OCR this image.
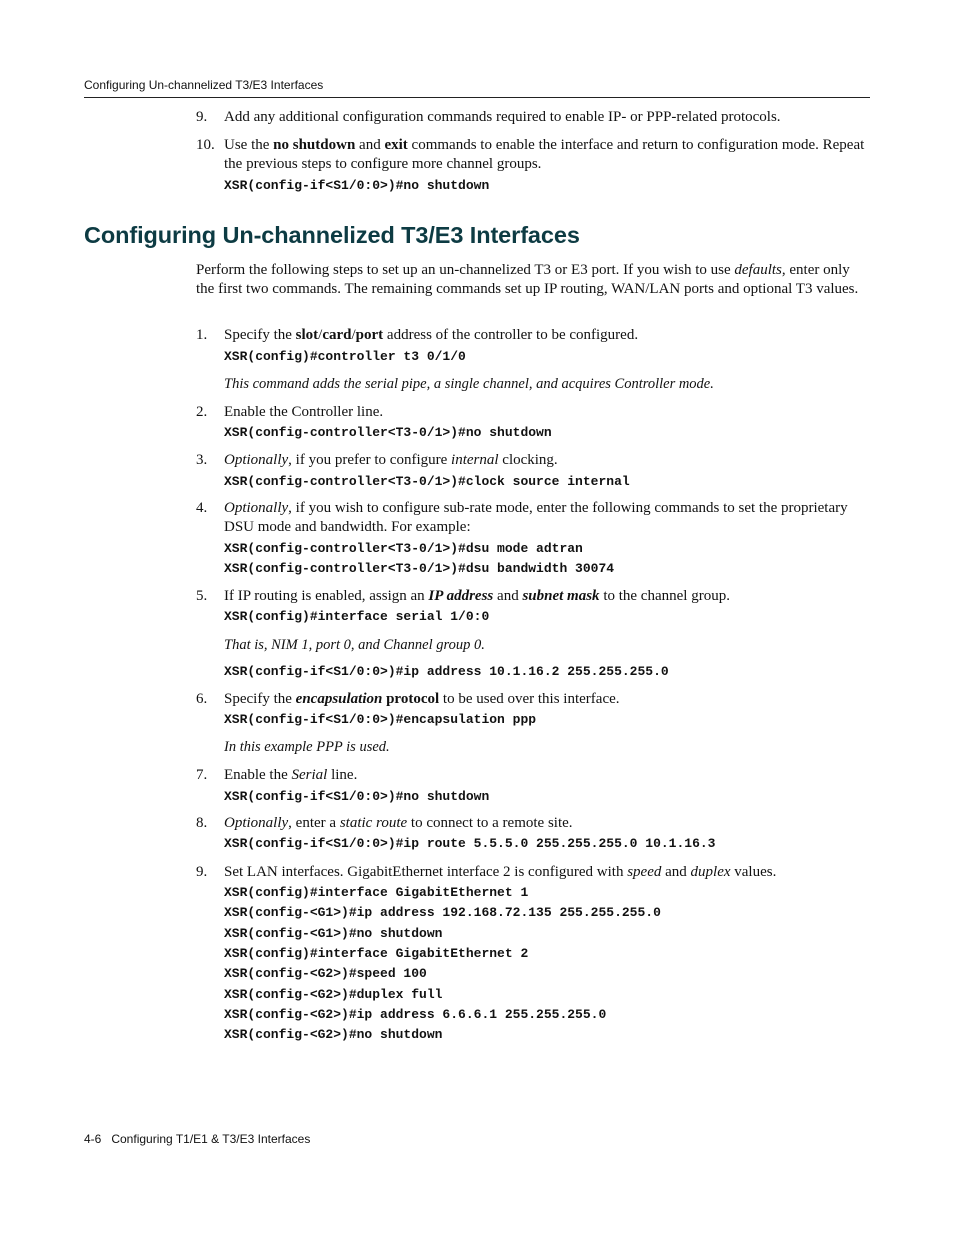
Configuring Un-channelized T3/E3 Interfaces
9. Add any additional configuration commands required to enable IP- or PPP-related protocols.
10. Use the no shutdown and exit commands to enable the interface and return to configuration mode. Repeat the previous steps to configure more channel groups.
XSR(config-if<S1/0:0>)#no shutdown
Configuring Un-channelized T3/E3 Interfaces
Perform the following steps to set up an un-channelized T3 or E3 port. If you wish to use defaults, enter only the first two commands. The remaining commands set up IP routing, WAN/LAN ports and optional T3 values.
1. Specify the slot/card/port address of the controller to be configured.
XSR(config)#controller t3 0/1/0
This command adds the serial pipe, a single channel, and acquires Controller mode.
2. Enable the Controller line.
XSR(config-controller<T3-0/1>)#no shutdown
3. Optionally, if you prefer to configure internal clocking.
XSR(config-controller<T3-0/1>)#clock source internal
4. Optionally, if you wish to configure sub-rate mode, enter the following commands to set the proprietary DSU mode and bandwidth. For example:
XSR(config-controller<T3-0/1>)#dsu mode adtran
XSR(config-controller<T3-0/1>)#dsu bandwidth 30074
5. If IP routing is enabled, assign an IP address and subnet mask to the channel group.
XSR(config)#interface serial 1/0:0
That is, NIM 1, port 0, and Channel group 0.
XSR(config-if<S1/0:0>)#ip address 10.1.16.2 255.255.255.0
6. Specify the encapsulation protocol to be used over this interface.
XSR(config-if<S1/0:0>)#encapsulation ppp
In this example PPP is used.
7. Enable the Serial line.
XSR(config-if<S1/0:0>)#no shutdown
8. Optionally, enter a static route to connect to a remote site.
XSR(config-if<S1/0:0>)#ip route 5.5.5.0 255.255.255.0 10.1.16.3
9. Set LAN interfaces. GigabitEthernet interface 2 is configured with speed and duplex values.
XSR(config)#interface GigabitEthernet 1
XSR(config-<G1>)#ip address 192.168.72.135 255.255.255.0
XSR(config-<G1>)#no shutdown
XSR(config)#interface GigabitEthernet 2
XSR(config-<G2>)#speed 100
XSR(config-<G2>)#duplex full
XSR(config-<G2>)#ip address 6.6.6.1 255.255.255.0
XSR(config-<G2>)#no shutdown
4-6 Configuring T1/E1 & T3/E3 Interfaces
